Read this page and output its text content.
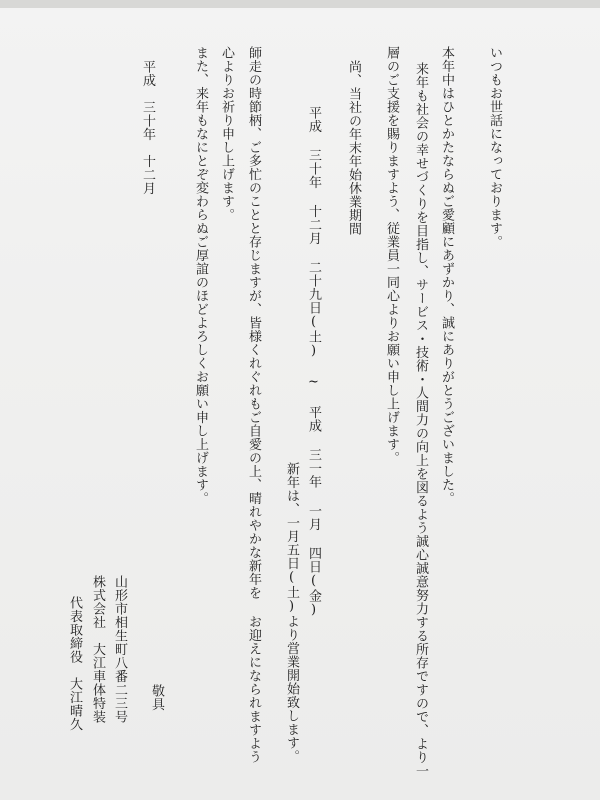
いつもお世話になっております。

本年中はひとかたならぬご愛顧にあずかり、誠にありがとうございました。

来年も社会の幸せづくりを目指し、サービス・技術・人間力の向上を図るよう誠心誠意努力する所存ですので、より一

層のご支援を賜りますよう、従業員一同心よりお願い申し上げます。

尚、当社の年末年始休業期間

平成 三十年 十二月 二十九日(土) ~ 平成 三一年 一月 四日(金)

新年は、一月五日(土)より営業開始致します。

師走の時節柄、ご多忙のことと存じますが、皆様くれぐれもご自愛の上、晴れやかな新年を お迎えになられますよう

心よりお祈り申し上げます。

また、来年もなにとぞ変わらぬご厚誼のほどよろしくお願い申し上げます。

敬具

山形市相生町八番二三号

株式会社　大江車体特装

代表取締役　大江晴久

平成　三十年　十二月
